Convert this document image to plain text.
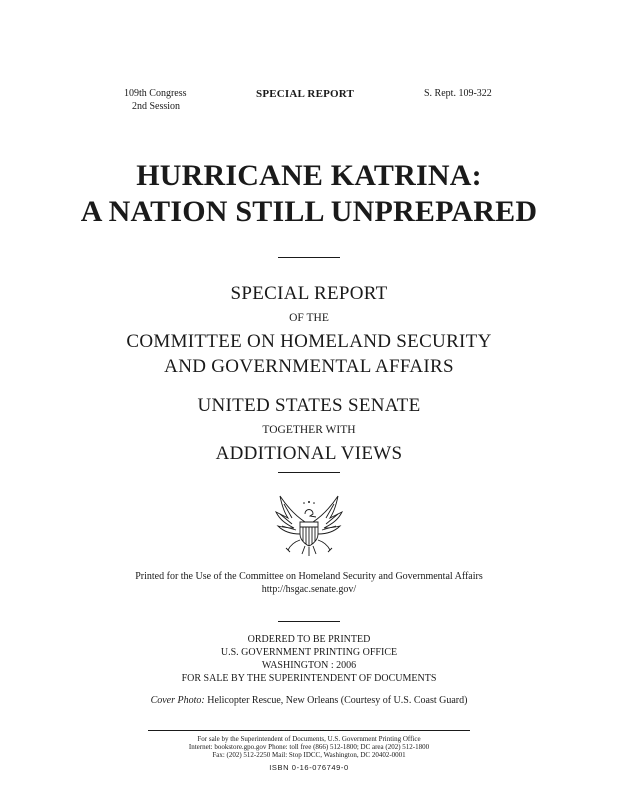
109th Congress
2nd Session
SPECIAL REPORT	S. Rept. 109-322
HURRICANE KATRINA:
A NATION STILL UNPREPARED
SPECIAL REPORT
OF THE
COMMITTEE ON HOMELAND SECURITY
AND GOVERNMENTAL AFFAIRS
UNITED STATES SENATE
TOGETHER WITH
ADDITIONAL VIEWS
Printed for the Use of the Committee on Homeland Security and Governmental Affairs
http://hsgac.senate.gov/
ORDERED TO BE PRINTED
U.S. GOVERNMENT PRINTING OFFICE
WASHINGTON : 2006
FOR SALE BY THE SUPERINTENDENT OF DOCUMENTS
Cover Photo: Helicopter Rescue, New Orleans (Courtesy of U.S. Coast Guard)
For sale by the Superintendent of Documents, U.S. Government Printing Office
Internet: bookstore.gpo.gov Phone: toll free (866) 512-1800; DC area (202) 512-1800
Fax: (202) 512-2250 Mail: Stop IDCC, Washington, DC 20402-0001
ISBN 0-16-076749-0
